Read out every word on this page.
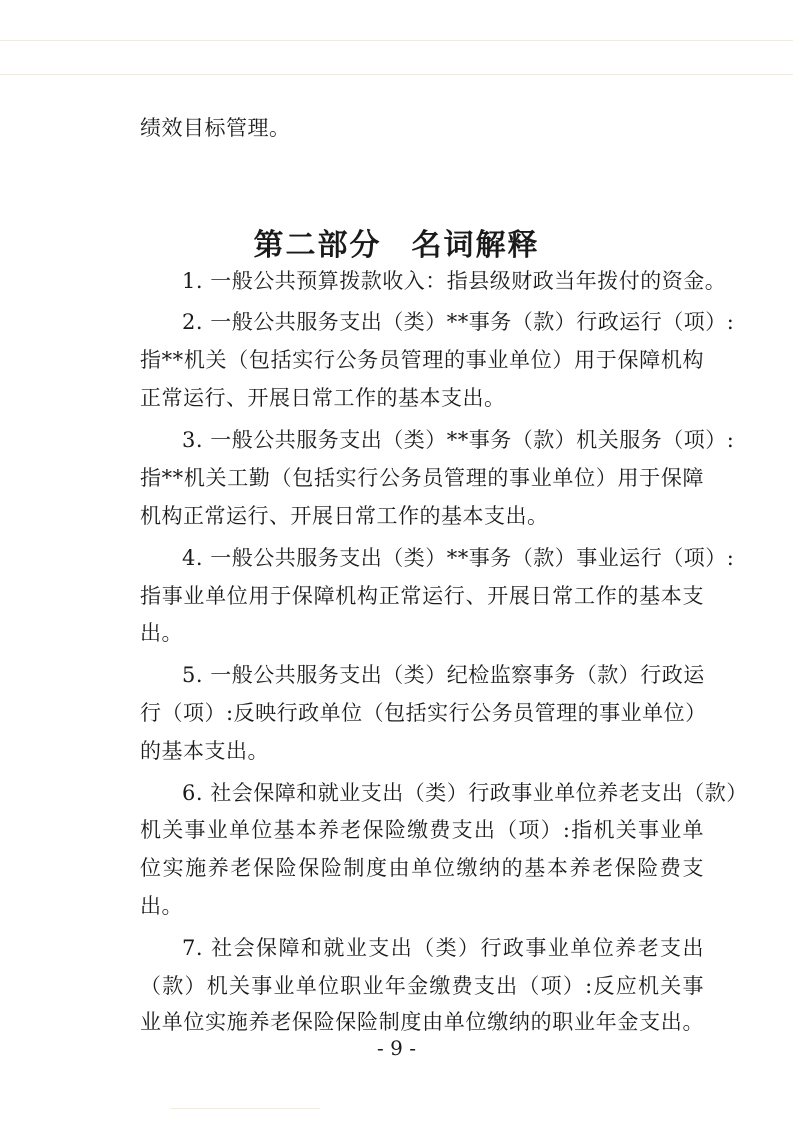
绩效目标管理。
第二部分 名词解释
1. 一般公共预算拨款收入：指县级财政当年拨付的资金。
2. 一般公共服务支出（类）**事务（款）行政运行（项）:
指**机关（包括实行公务员管理的事业单位）用于保障机构
正常运行、开展日常工作的基本支出。
3. 一般公共服务支出（类）**事务（款）机关服务（项）:
指**机关工勤（包括实行公务员管理的事业单位）用于保障
机构正常运行、开展日常工作的基本支出。
4. 一般公共服务支出（类）**事务（款）事业运行（项）:
指事业单位用于保障机构正常运行、开展日常工作的基本支
出。
5. 一般公共服务支出（类）纪检监察事务（款）行政运
行（项）:反映行政单位（包括实行公务员管理的事业单位）
的基本支出。
6. 社会保障和就业支出（类）行政事业单位养老支出（款）
机关事业单位基本养老保险缴费支出（项）:指机关事业单
位实施养老保险保险制度由单位缴纳的基本养老保险费支
出。
7. 社会保障和就业支出（类）行政事业单位养老支出
（款）机关事业单位职业年金缴费支出（项）:反应机关事
业单位实施养老保险保险制度由单位缴纳的职业年金支出。
- 9 -
